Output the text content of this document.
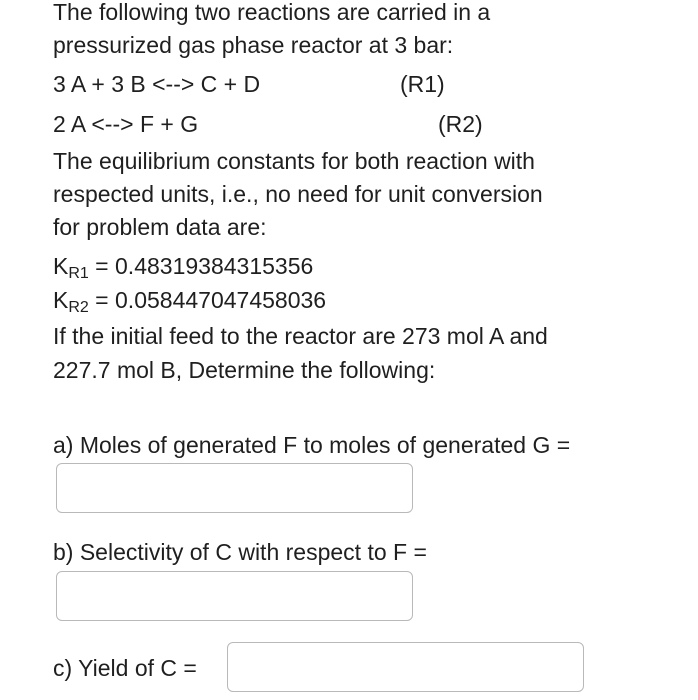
The following two reactions are carried in a
pressurized gas phase reactor at 3 bar:
3 A + 3 B <--> C + D	(R1)
2 A <--> F + G	(R2)
The equilibrium constants for both reaction with
respected units, i.e., no need for unit conversion
for problem data are:
$K_{R1} = 0.48319384315356$
$K_{R2} = 0.058447047458036$
If the initial feed to the reactor are 273 mol A and
227.7 mol B, Determine the following:
a) Moles of generated F to moles of generated G =
b) Selectivity of C with respect to F =
c) Yield of C =
